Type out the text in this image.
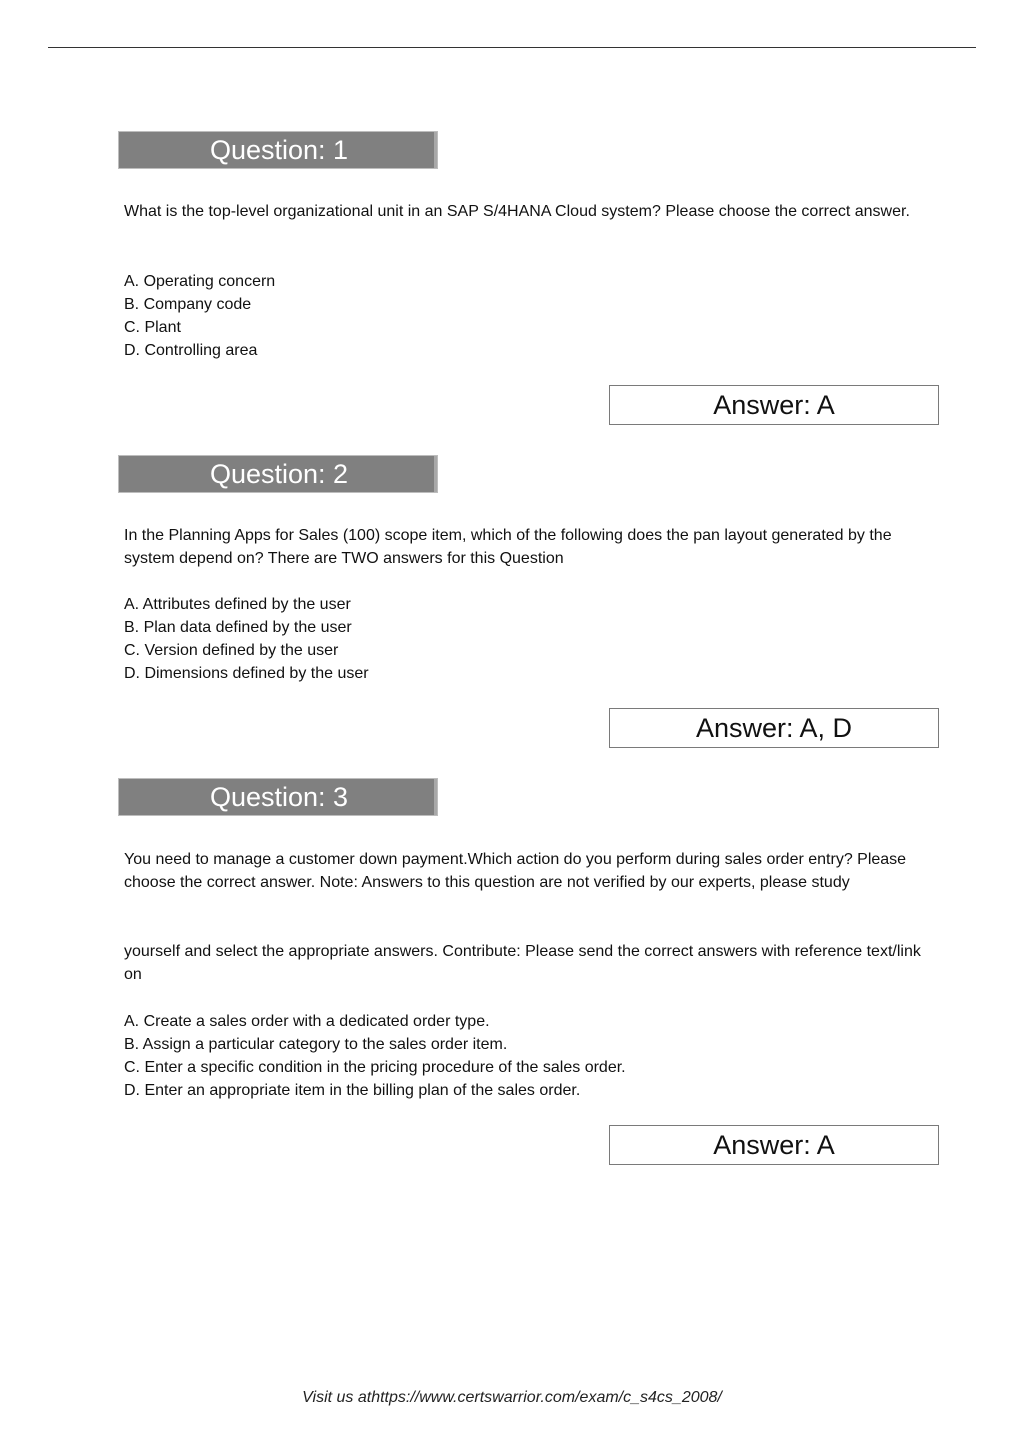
Question: 1
What is the top-level organizational unit in an SAP S/4HANA Cloud system? Please choose the correct answer.
A. Operating concern
B. Company code
C. Plant
D. Controlling area
Answer: A
Question: 2
In the Planning Apps for Sales (100) scope item, which of the following does the pan layout generated by the system depend on? There are TWO answers for this Question
A. Attributes defined by the user
B. Plan data defined by the user
C. Version defined by the user
D. Dimensions defined by the user
Answer: A, D
Question: 3
You need to manage a customer down payment.Which action do you perform during sales order entry? Please choose the correct answer. Note: Answers to this question are not verified by our experts, please study
yourself and select the appropriate answers. Contribute: Please send the correct answers with reference text/link on
A. Create a sales order with a dedicated order type.
B. Assign a particular category to the sales order item.
C. Enter a specific condition in the pricing procedure of the sales order.
D. Enter an appropriate item in the billing plan of the sales order.
Answer: A
Visit us athttps://www.certswarrior.com/exam/c_s4cs_2008/
